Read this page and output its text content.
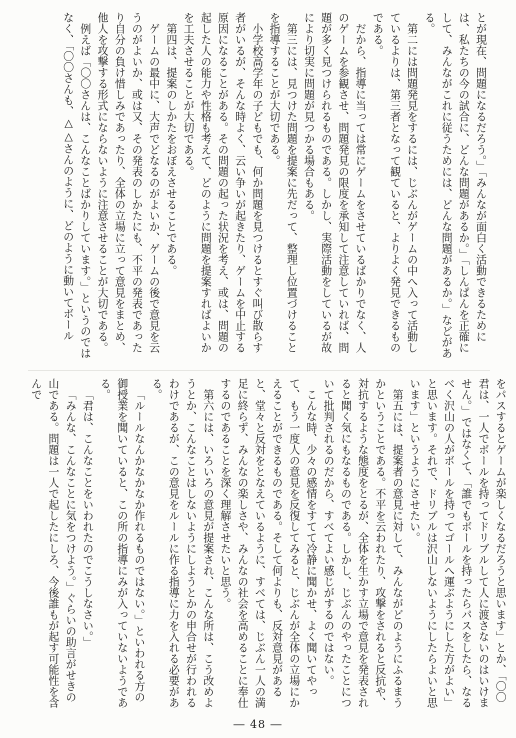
とが現在、問題になるだろう。」「みんなが面白く活動できるためには、私たちの今の試合に、どんな問題があるか。」「しんぱんを正確にして、みんながこれに従うためには、どんな問題があるか。」などがある。
第二には問題発見をするには、じぶんがゲームの中へ入って活動しているよりは、第三者となって観ていると、よりよく発見できるものである。
だから、指導に当っては常にゲームをさせているばかりでなく、人のゲームを参観させ、問題発見の限度を承知して注意していれば、問題が多く見つけられるものである。しかし、実際活動をしているが故により切実に問題が見つかる場合もある。
第三には、見つけた問題を提案に先だって、整理し位置づけることを指導することが大切である。
小学校高学年の子どもでも、何か問題を見つけるとすぐ叫び散らす者がいるが、そんな時よく、云い争いが起きたり、ゲームを中止する原因になることがある。その問題の起った状況を考え、或は、問題の起した人の能力や性格も考えて、どのように問題を提案すればよいかを工夫させることが大切である。
第四は、提案のしかたをおぼえさせることである。
ゲームの最中に、大声でどなるのがよいか、ゲームの後で意見を云うのがよいか、或は又、その発表のしかたにも、不平の発表であったり自分の負け惜しみであったり、全体の立場に立って意見をまとめ、他人を攻撃する形式にならないように注意させることが大切である。
例えば「〇〇さんは、こんなことばかりしています。」というのではなく、「〇〇さんも、△△さんのように、どのように動いてボール
をパスするとゲームが楽しくなるだろうと思います」とか、「〇〇君は、一人でボールを持ってドリブルして人に渡さないのはいけません。」ではなくて、「誰でもボールを持ったらパスをしたら、なるべく沢山の人がボールを持ってゴールへ運ぶようにした方がよい」と思います。それで、ドリブルは沢山しないようにしたらよいと思います」というようにさせたい。
第五には、提案者の意見に対して、みんながどのようにふるまうかということである。不平を云われたり、攻撃をされると反抗や、対抗するような態度をとるが、全体を生かす立場で意見を発表されると聞く気にもなるものである。しかし、じぶんのやったことについて批判されるのだから、すべてよい感じがするのではない。
こんな時、少々の感情をすてて冷静に聞かせ、よく聞いてやって、もう一度人の意見を反復してみると、じぶんが全体の立場にかえることができるものである。そして何よりも、反対意見があると、堂々と反対をとなえているように、すべては、じぶん一人の満足に終らず、みんなの楽しさや、みんなの社会を高めることに奉仕するのであることを深く理解させたいと思う。
第六には、いろいろの意見が提案され、こんな所は、こう改めようとか、こんなことはしないようにしようとかの申合せが行われるわけであるが、この意見をルールに作る指導に力を入れる必要がある。
「ルールなんかなかなか作れるものではない。」といわれる方の御授業を聞いていると、この所の指導にみが入っていないようである。
「君は、こんなことをいわれたのでこうしなさい。」
「みんな、こんなことに気をつけよう。」ぐらいの助言がせきの山である。問題は一人で起したにしろ、今後誰もが起す可能性を含んで
― 48 ―
